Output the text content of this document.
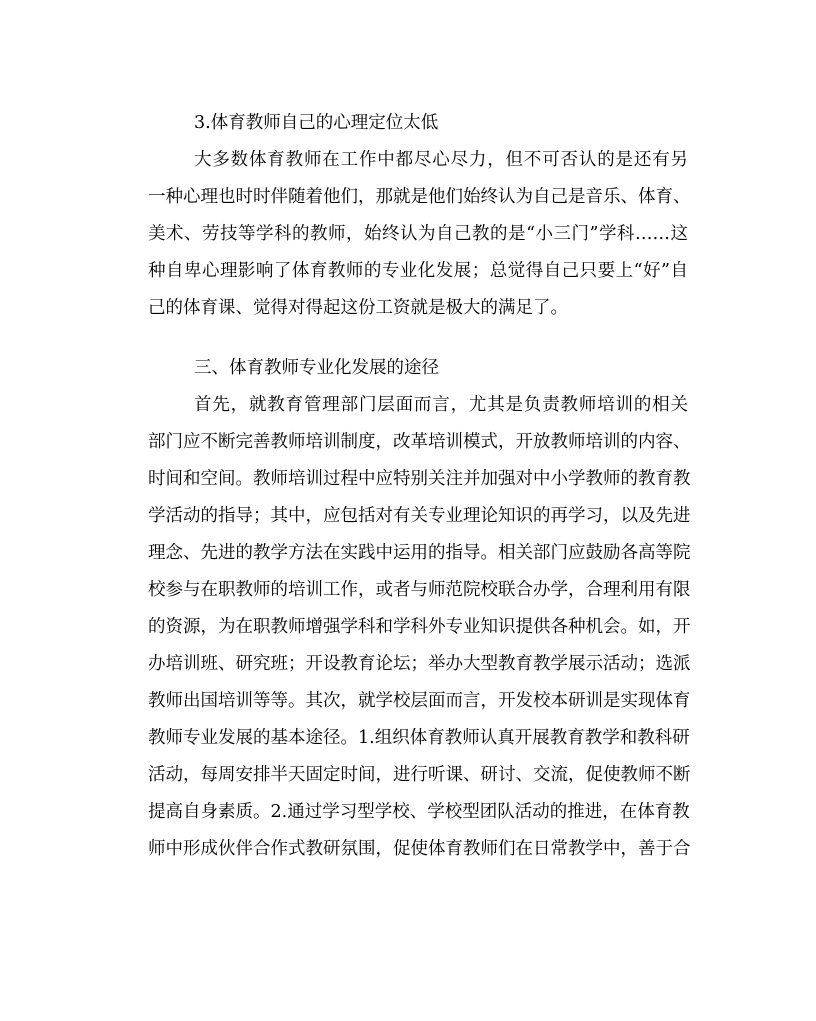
3.体育教师自己的心理定位太低
大多数体育教师在工作中都尽心尽力，但不可否认的是还有另
一种心理也时时伴随着他们，那就是他们始终认为自己是音乐、体育、
美术、劳技等学科的教师，始终认为自己教的是“小三门”学科……这
种自卑心理影响了体育教师的专业化发展；总觉得自己只要上“好”自
己的体育课、觉得对得起这份工资就是极大的满足了。
三、体育教师专业化发展的途径
首先，就教育管理部门层面而言，尤其是负责教师培训的相关
部门应不断完善教师培训制度，改革培训模式，开放教师培训的内容、
时间和空间。教师培训过程中应特别关注并加强对中小学教师的教育教
学活动的指导；其中，应包括对有关专业理论知识的再学习，以及先进
理念、先进的教学方法在实践中运用的指导。相关部门应鼓励各高等院
校参与在职教师的培训工作，或者与师范院校联合办学，合理利用有限
的资源，为在职教师增强学科和学科外专业知识提供各种机会。如，开
办培训班、研究班；开设教育论坛；举办大型教育教学展示活动；选派
教师出国培训等等。其次，就学校层面而言，开发校本研训是实现体育
教师专业发展的基本途径。1.组织体育教师认真开展教育教学和教科研
活动，每周安排半天固定时间，进行听课、研讨、交流，促使教师不断
提高自身素质。2.通过学习型学校、学校型团队活动的推进，在体育教
师中形成伙伴合作式教研氛围，促使体育教师们在日常教学中，善于合
